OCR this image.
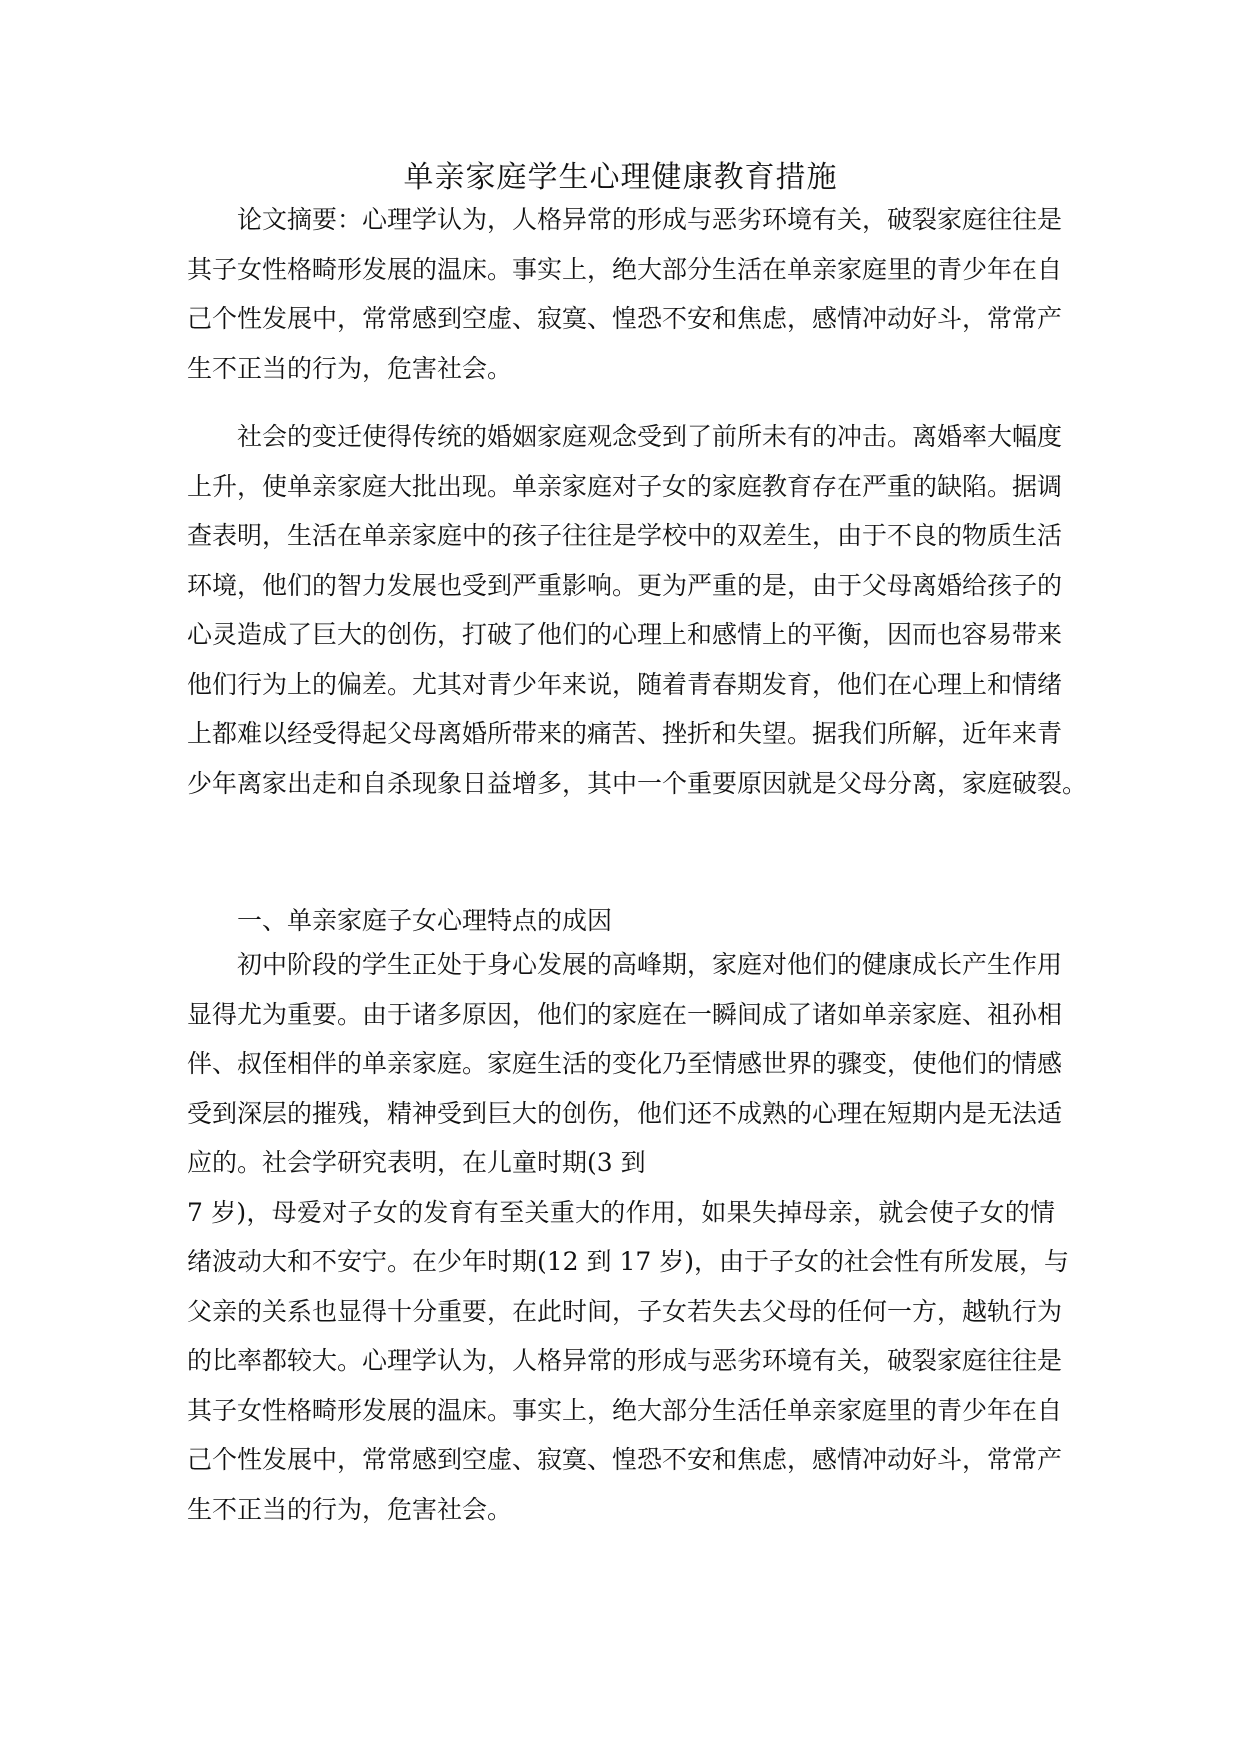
单亲家庭学生心理健康教育措施
论文摘要：心理学认为，人格异常的形成与恶劣环境有关，破裂家庭往往是
其子女性格畸形发展的温床。事实上，绝大部分生活在单亲家庭里的青少年在自
己个性发展中，常常感到空虚、寂寞、惶恐不安和焦虑，感情冲动好斗，常常产
生不正当的行为，危害社会。
社会的变迁使得传统的婚姻家庭观念受到了前所未有的冲击。离婚率大幅度
上升，使单亲家庭大批出现。单亲家庭对子女的家庭教育存在严重的缺陷。据调
查表明，生活在单亲家庭中的孩子往往是学校中的双差生，由于不良的物质生活
环境，他们的智力发展也受到严重影响。更为严重的是，由于父母离婚给孩子的
心灵造成了巨大的创伤，打破了他们的心理上和感情上的平衡，因而也容易带来
他们行为上的偏差。尤其对青少年来说，随着青春期发育，他们在心理上和情绪
上都难以经受得起父母离婚所带来的痛苦、挫折和失望。据我们所解，近年来青
少年离家出走和自杀现象日益增多，其中一个重要原因就是父母分离，家庭破裂。
一、单亲家庭子女心理特点的成因
初中阶段的学生正处于身心发展的高峰期，家庭对他们的健康成长产生作用
显得尤为重要。由于诸多原因，他们的家庭在一瞬间成了诸如单亲家庭、祖孙相
伴、叔侄相伴的单亲家庭。家庭生活的变化乃至情感世界的骤变，使他们的情感
受到深层的摧残，精神受到巨大的创伤，他们还不成熟的心理在短期内是无法适
应的。社会学研究表明，在儿童时期(3 到
7 岁)，母爱对子女的发育有至关重大的作用，如果失掉母亲，就会使子女的情
绪波动大和不安宁。在少年时期(12 到 17 岁)，由于子女的社会性有所发展，与
父亲的关系也显得十分重要，在此时间，子女若失去父母的任何一方，越轨行为
的比率都较大。心理学认为，人格异常的形成与恶劣环境有关，破裂家庭往往是
其子女性格畸形发展的温床。事实上，绝大部分生活任单亲家庭里的青少年在自
己个性发展中，常常感到空虚、寂寞、惶恐不安和焦虑，感情冲动好斗，常常产
生不正当的行为，危害社会。
